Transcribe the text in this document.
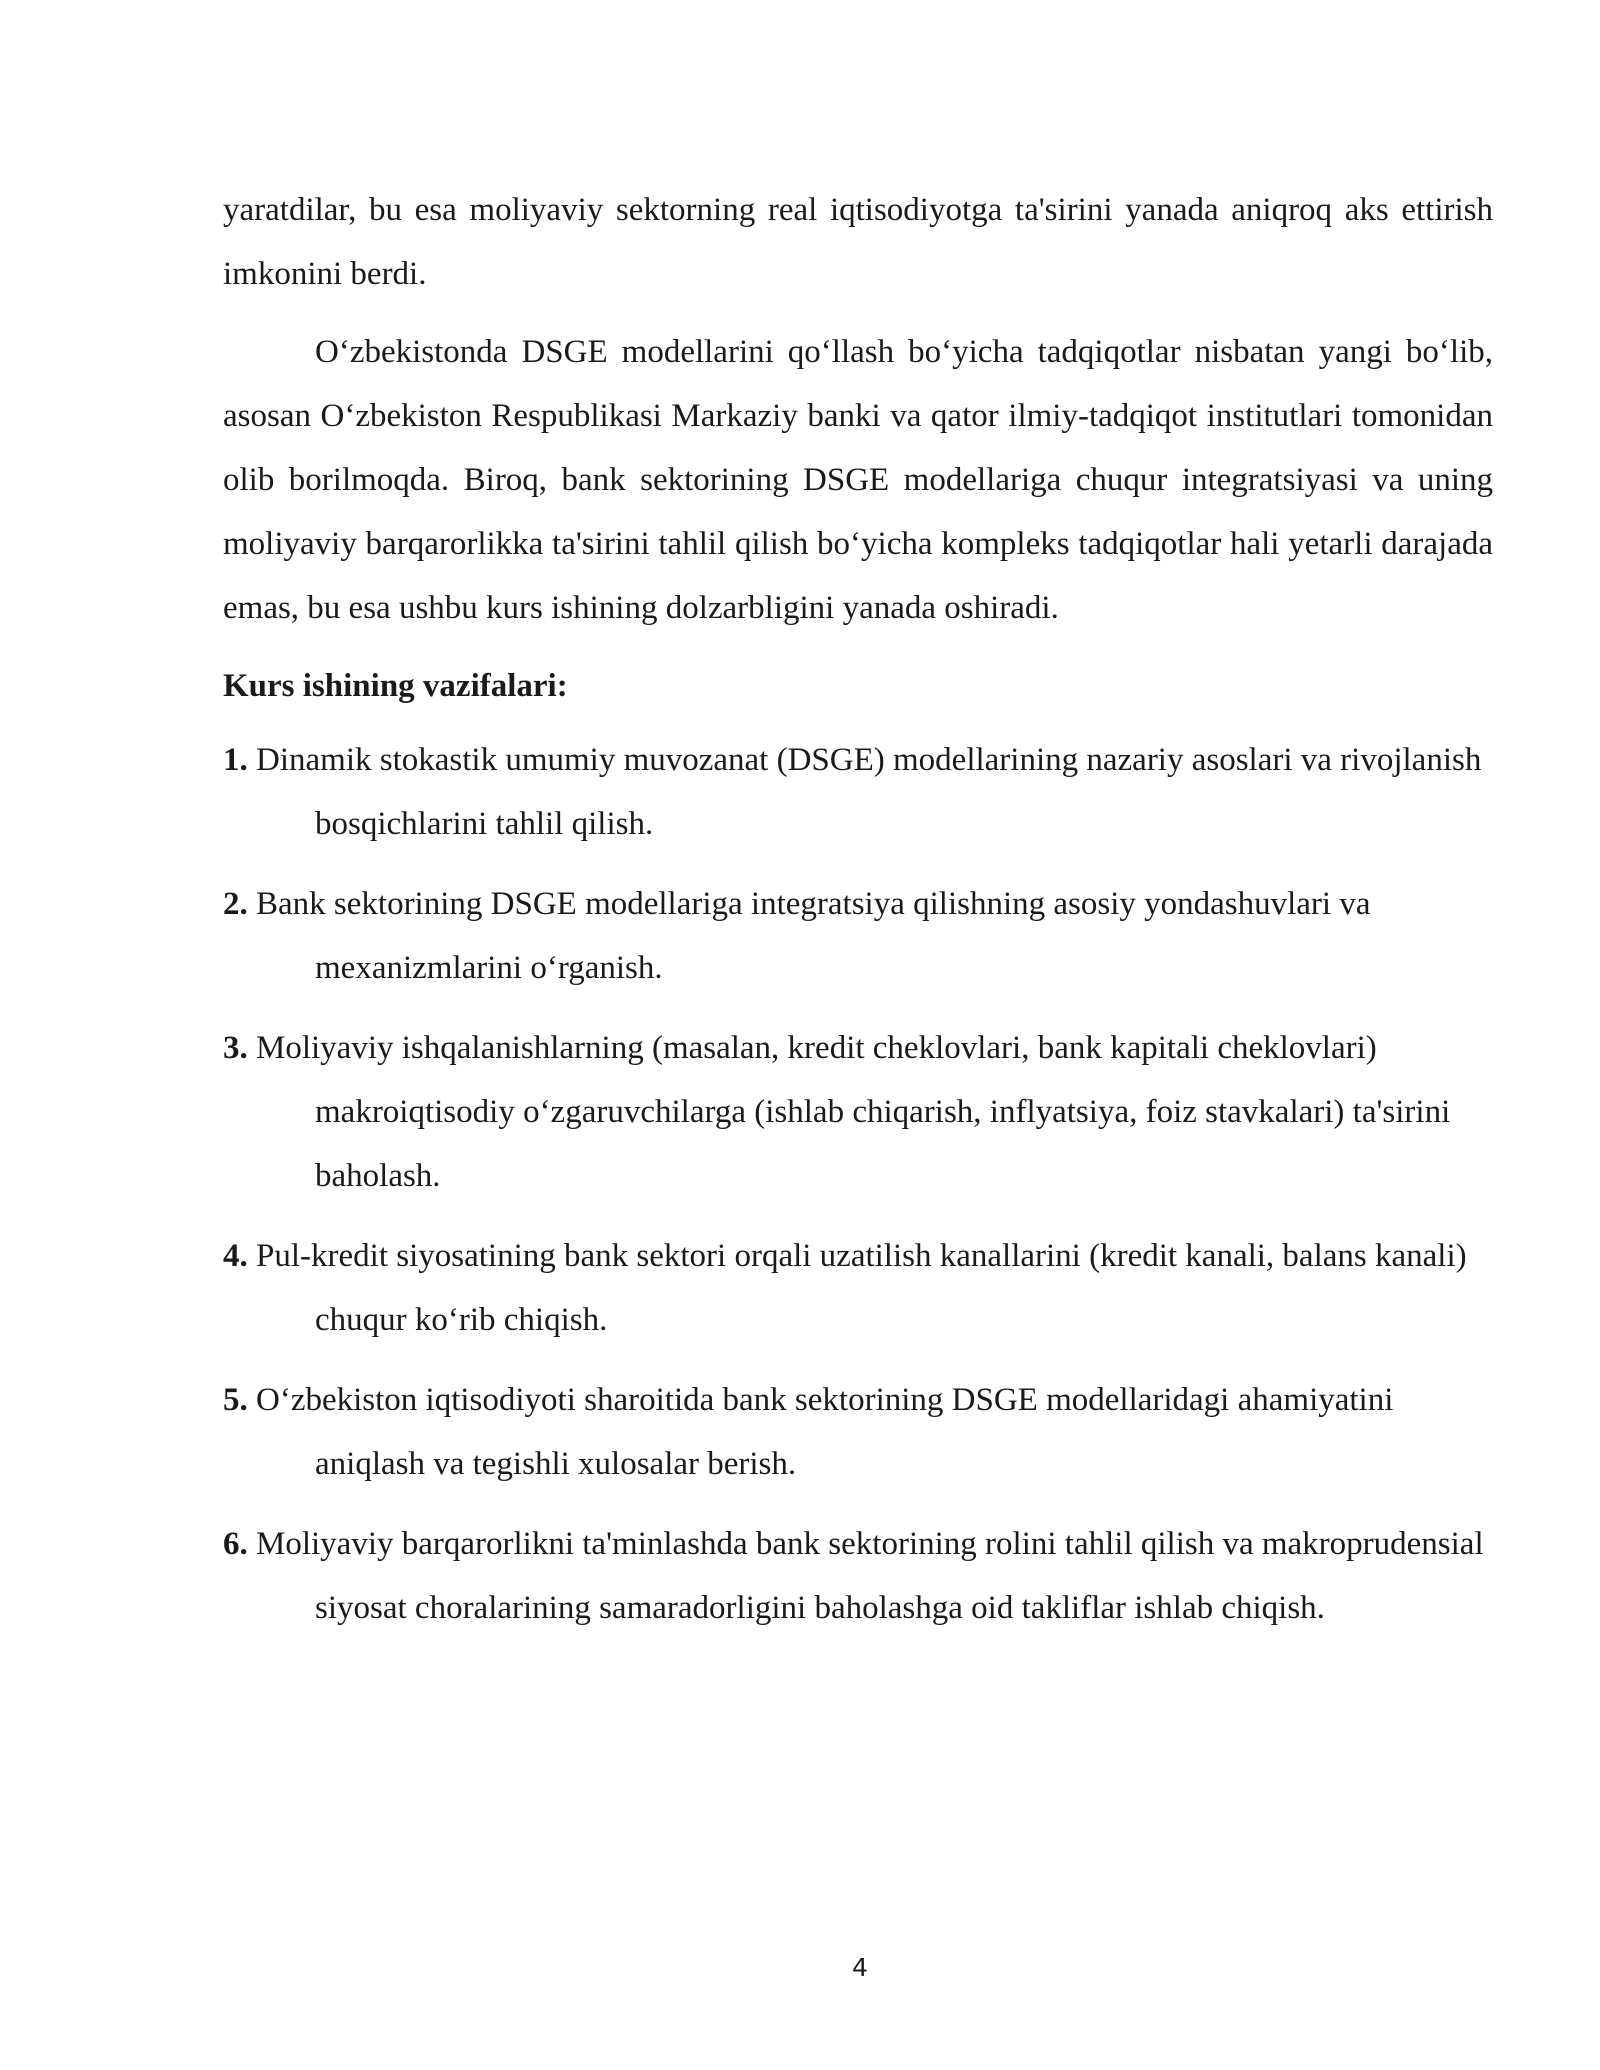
yaratdilar, bu esa moliyaviy sektorning real iqtisodiyotga ta'sirini yanada aniqroq aks ettirish imkonini berdi.

O‘zbekistonda DSGE modellarini qo‘llash bo‘yicha tadqiqotlar nisbatan yangi bo‘lib, asosan O‘zbekiston Respublikasi Markaziy banki va qator ilmiy-tadqiqot institutlari tomonidan olib borilmoqda. Biroq, bank sektorining DSGE modellariga chuqur integratsiyasi va uning moliyaviy barqarorlikka ta'sirini tahlil qilish bo‘yicha kompleks tadqiqotlar hali yetarli darajada emas, bu esa ushbu kurs ishining dolzarbligini yanada oshiradi.

Kurs ishining vazifalari:

1. Dinamik stokastik umumiy muvozanat (DSGE) modellarining nazariy asoslari va rivojlanish bosqichlarini tahlil qilish.

2. Bank sektorining DSGE modellariga integratsiya qilishning asosiy yondashuvlari va mexanizmlarini o‘rganish.

3. Moliyaviy ishqalanishlarning (masalan, kredit cheklovlari, bank kapitali cheklovlari) makroiqtisodiy o‘zgaruvchilarga (ishlab chiqarish, inflyatsiya, foiz stavkalari) ta'sirini baholash.

4. Pul-kredit siyosatining bank sektori orqali uzatilish kanallarini (kredit kanali, balans kanali) chuqur ko‘rib chiqish.

5. O‘zbekiston iqtisodiyoti sharoitida bank sektorining DSGE modellaridagi ahamiyatini aniqlash va tegishli xulosalar berish.

6. Moliyaviy barqarorlikni ta'minlashda bank sektorining rolini tahlil qilish va makroprudensial siyosat choralarining samaradorligini baholashga oid takliflar ishlab chiqish.

4
